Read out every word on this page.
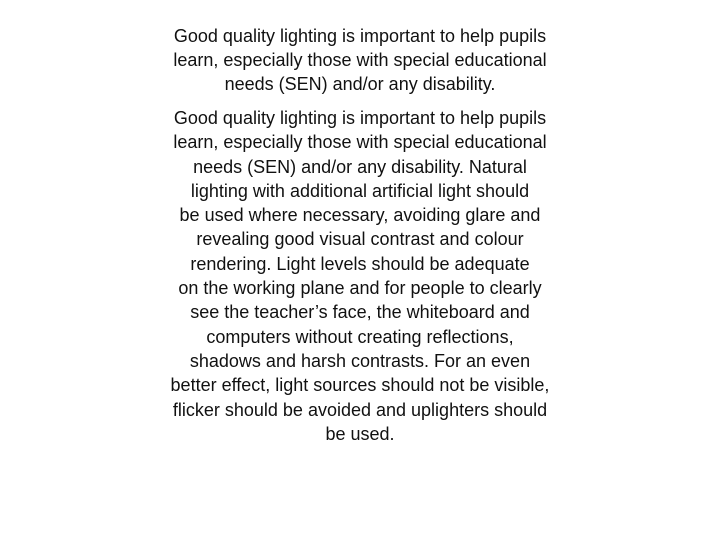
Good quality lighting is important to help pupils
learn, especially those with special educational
needs (SEN) and/or any disability.
Good quality lighting is important to help pupils
learn, especially those with special educational
needs (SEN) and/or any disability. Natural
lighting with additional artificial light should
be used where necessary, avoiding glare and
revealing good visual contrast and colour
rendering. Light levels should be adequate
on the working plane and for people to clearly
see the teacher’s face, the whiteboard and
computers without creating reflections,
shadows and harsh contrasts. For an even
better effect, light sources should not be visible,
flicker should be avoided and uplighters should
be used.
